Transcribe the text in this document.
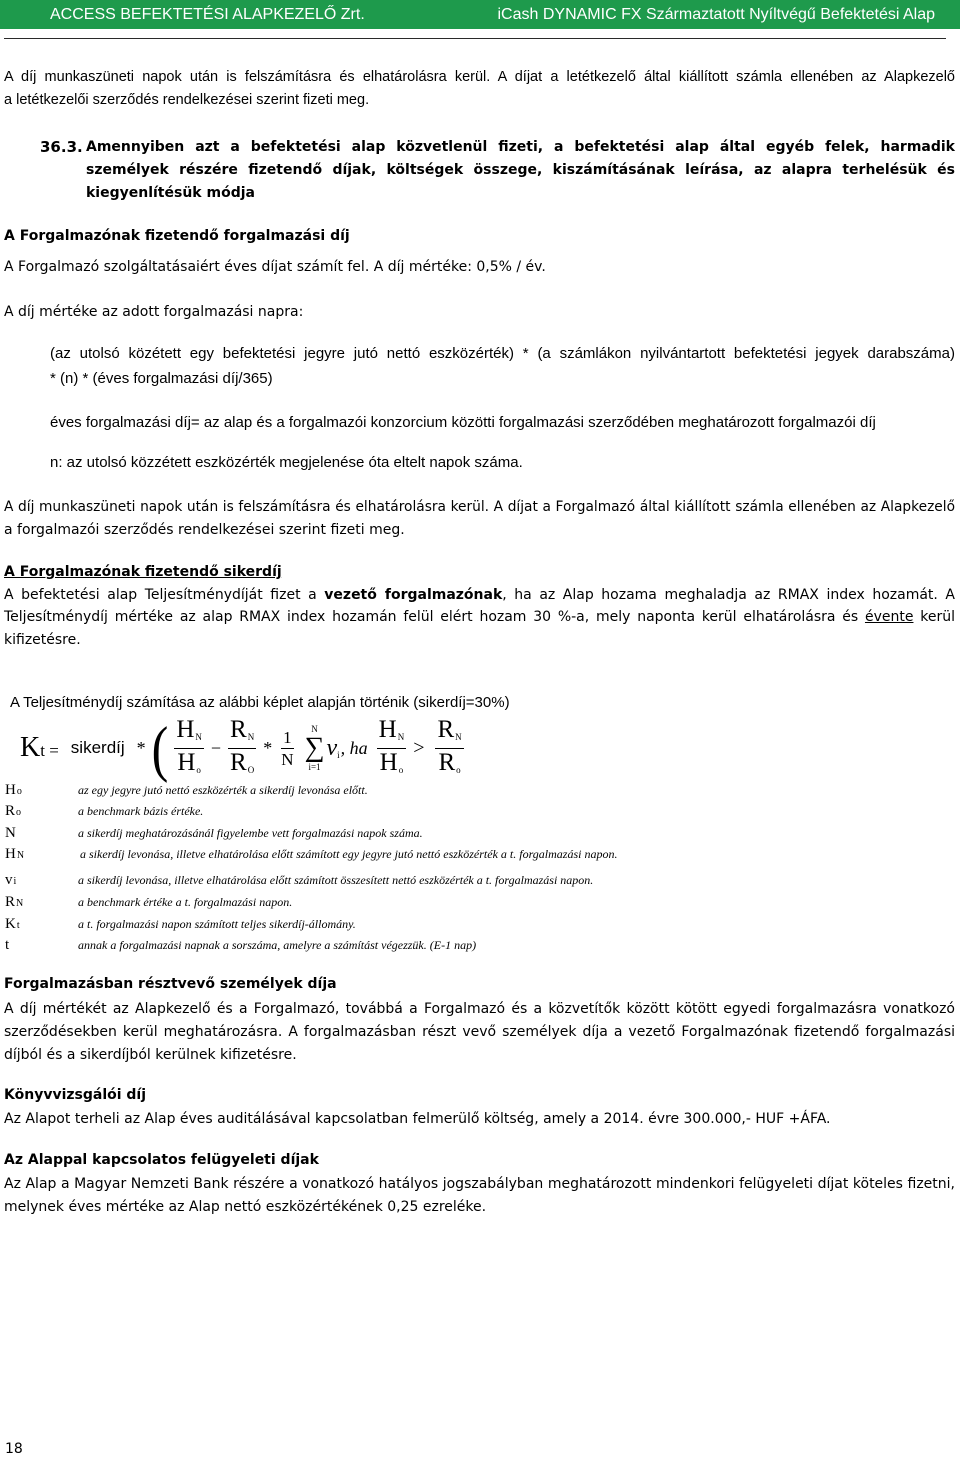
ACCESS BEFEKTETÉSI ALAPKEZELŐ Zrt.	iCash DYNAMIC FX Származtatott Nyíltvégű Befektetési Alap
A díj munkaszüneti napok után is felszámításra és elhatárolásra kerül. A díjat a letétkezelő által kiállított számla ellenében az Alapkezelő
a letétkezelői szerződés rendelkezései szerint fizeti meg.
36.3. Amennyiben azt a befektetési alap közvetlenül fizeti, a befektetési alap által egyéb felek, harmadik
személyek részére fizetendő díjak, költségek összege, kiszámításának leírása, az alapra terhelésük és
kiegyenlítésük módja
A Forgalmazónak fizetendő forgalmazási díj
A Forgalmazó szolgáltatásaiért éves díjat számít fel. A díj mértéke: 0,5% / év.
A díj mértéke az adott forgalmazási napra:
(az utolsó közétett egy befektetési jegyre jutó nettó eszközérték) * (a számlákon nyilvántartott befektetési jegyek darabszáma)
* (n) * (éves forgalmazási díj/365)
éves forgalmazási díj= az alap és a forgalmazói konzorcium közötti forgalmazási szerződében meghatározott forgalmazói díj
n: az utolsó közzétett eszközérték megjelenése óta eltelt napok száma.
A díj munkaszüneti napok után is felszámításra és elhatárolásra kerül. A díjat a Forgalmazó által kiállított számla ellenében az Alapkezelő
a forgalmazói szerződés rendelkezései szerint fizeti meg.
A Forgalmazónak fizetendő sikerdíj
A befektetési alap Teljesítménydíját fizet a vezető forgalmazónak, ha az Alap hozama meghaladja az RMAX index hozamát. A
Teljesítménydíj mértéke az alap RMAX index hozamán felül elért hozam 30 %-a, mely naponta kerül elhatárolásra és évente kerül
kifizetésre.
A Teljesítménydíj számítása az alábbi képlet alapján történik (sikerdíj=30%)
Kt = sikerdíj * ( $\frac{HN}{Ho} - \frac{RN}{RO} * \frac{1}{N}$ N
∑
i=1
vi , ha $\frac{HN}{Ho} > \frac{RN}{Ro}$
Ho	az egy jegyre jutó nettó eszközérték a sikerdíj levonása előtt.
Ro	a benchmark bázis értéke.
N	a sikerdíj meghatározásánál figyelembe vett forgalmazási napok száma.
HN	a sikerdíj levonása, illetve elhatárolása előtt számított egy jegyre jutó nettó eszközérték a t. forgalmazási napon.
vi	a sikerdíj levonása, illetve elhatárolása előtt számított összesített nettó eszközérték a t. forgalmazási napon.
RN	a benchmark értéke a t. forgalmazási napon.
Kt	a t. forgalmazási napon számított teljes sikerdíj-állomány.
t	annak a forgalmazási napnak a sorszáma, amelyre a számítást végezzük. (E-1 nap)
Forgalmazásban résztvevő személyek díja
A díj mértékét az Alapkezelő és a Forgalmazó, továbbá a Forgalmazó és a közvetítők között kötött egyedi forgalmazásra vonatkozó
szerződésekben kerül meghatározásra. A forgalmazásban részt vevő személyek díja a vezető Forgalmazónak fizetendő forgalmazási
díjból és a sikerdíjból kerülnek kifizetésre.
Könyvvizsgálói díj
Az Alapot terheli az Alap éves auditálásával kapcsolatban felmerülő költség, amely a 2014. évre 300.000,- HUF +ÁFA.
Az Alappal kapcsolatos felügyeleti díjak
Az Alap a Magyar Nemzeti Bank részére a vonatkozó hatályos jogszabályban meghatározott mindenkori felügyeleti díjat köteles fizetni,
melynek éves mértéke az Alap nettó eszközértékének 0,25 ezreléke.
18
